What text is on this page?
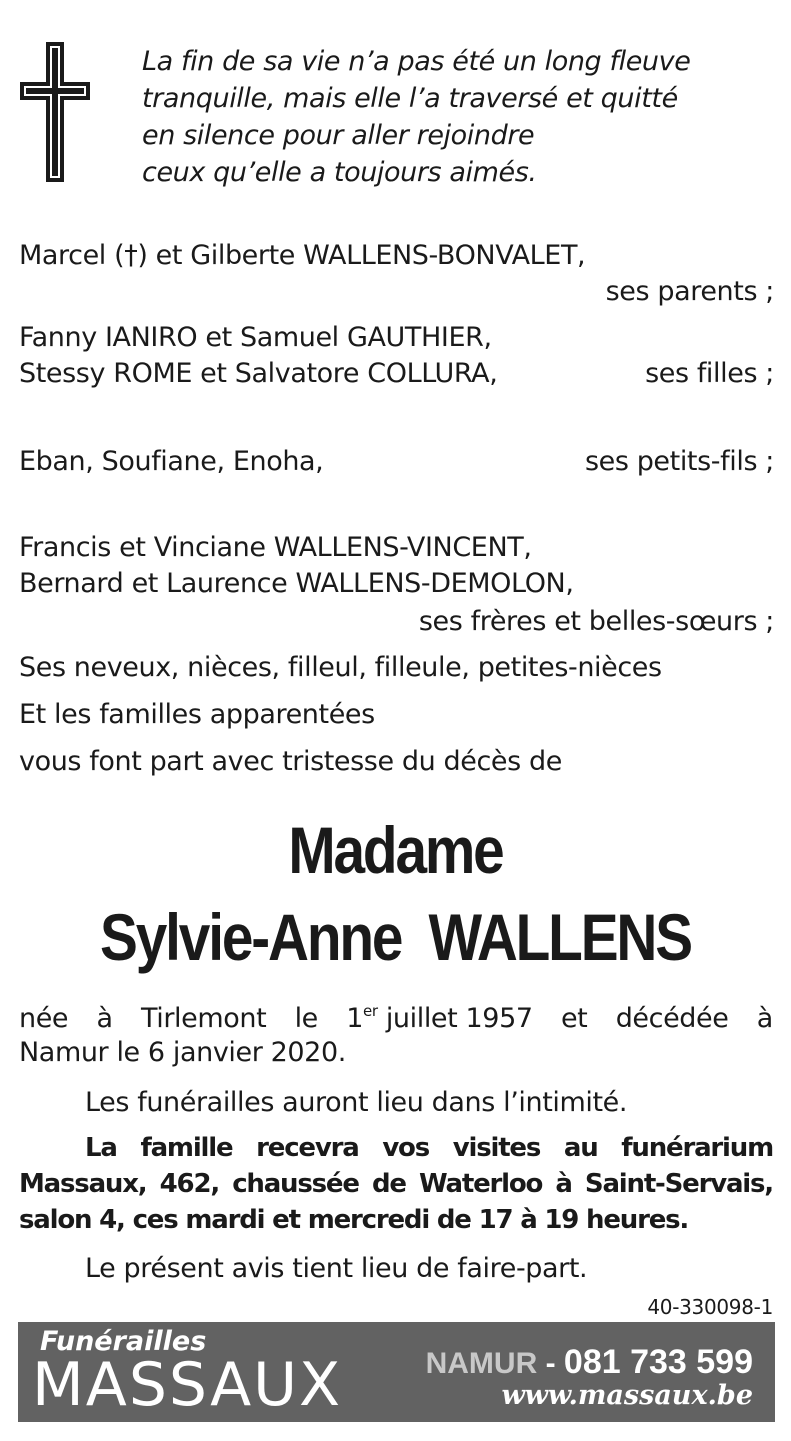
La fin de sa vie n’a pas été un long fleuve
tranquille, mais elle l’a traversé et quitté
en silence pour aller rejoindre
ceux qu’elle a toujours aimés.
Marcel (†) et Gilberte WALLENS-BONVALET,
ses parents ;
Fanny IANIRO et Samuel GAUTHIER,
Stessy ROME et Salvatore COLLURA,	ses filles ;
Eban, Soufiane, Enoha,	ses petits-fils ;
Francis et Vinciane WALLENS-VINCENT,
Bernard et Laurence WALLENS-DEMOLON,
ses frères et belles-sœurs ;
Ses neveux, nièces, filleul, filleule, petites-nièces
Et les familles apparentées
vous font part avec tristesse du décès de
Madame
Sylvie-Anne  WALLENS
née à Tirlemont le 1er juillet 1957 et décédée à
Namur le 6 janvier 2020.
Les funérailles auront lieu dans l’intimité.
La famille recevra vos visites au funérarium
Massaux, 462, chaussée de Waterloo à Saint-Servais,
salon 4, ces mardi et mercredi de 17 à 19 heures.
Le présent avis tient lieu de faire-part.
40-330098-1
Funérailles
MASSAUX	NAMUR - 081 733 599
www.massaux.be
